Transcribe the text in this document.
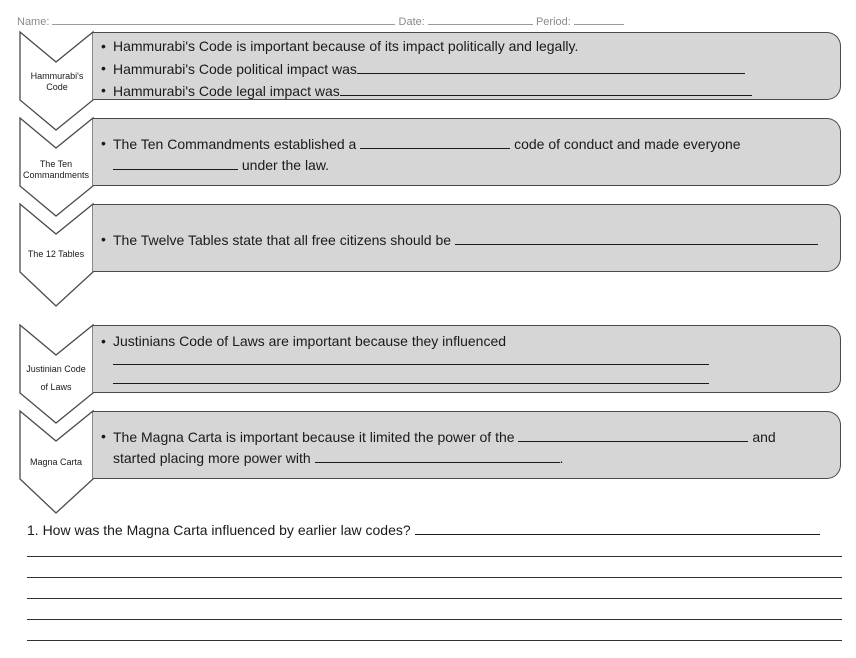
Name:	Date:	Period:
Hammurabi's
Code
The Ten
Commandments
The 12 Tables
Justinian Code
of Laws
Magna Carta
• Hammurabi's Code is important because of its impact politically and legally.
• Hammurabi's Code political impact was
• Hammurabi's Code legal impact was
• The Ten Commandments established a	code of conduct and made everyone
under the law.
• The Twelve Tables state that all free citizens should be
• Justinians Code of Laws are important because they influenced
• The Magna Carta is important because it limited the power of the	and
started placing more power with	.
1. How was the Magna Carta influenced by earlier law codes?
